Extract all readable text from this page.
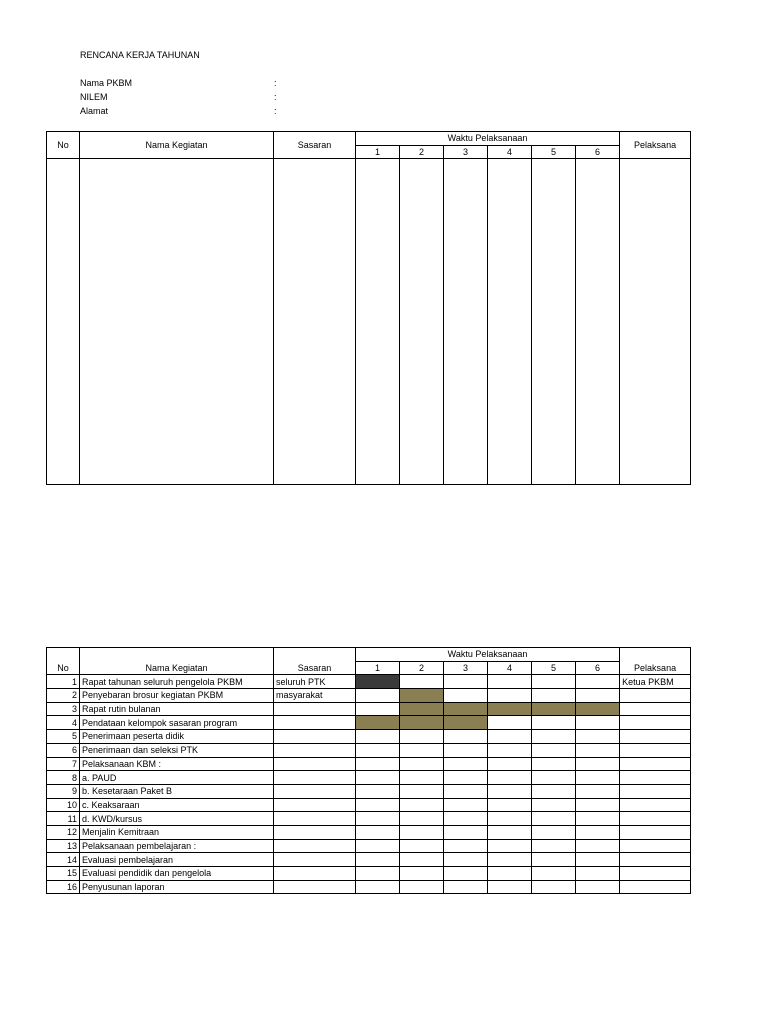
RENCANA KERJA TAHUNAN
Nama PKBM	:
NILEM	:
Alamat	:
No	Nama Kegiatan	Sasaran	Waktu Pelaksanaan						Pelaksana
			1	2	3	4	5	6	

No	Nama Kegiatan	Sasaran	Waktu Pelaksanaan						Pelaksana
			1	2	3	4	5	6	
1	Rapat tahunan seluruh pengelola PKBM	seluruh PTK							Ketua PKBM
2	Penyebaran brosur kegiatan PKBM	masyarakat							
3	Rapat rutin bulanan								
4	Pendataan kelompok sasaran program								
5	Penerimaan peserta didik								
6	Penerimaan dan seleksi PTK								
7	Pelaksanaan KBM :								
8	a. PAUD								
9	b. Kesetaraan Paket B								
10	c. Keaksaraan								
11	d. KWD/kursus								
12	Menjalin Kemitraan								
13	Pelaksanaan pembelajaran :								
14	Evaluasi pembelajaran								
15	Evaluasi pendidik dan pengelola								
16	Penyusunan laporan								
